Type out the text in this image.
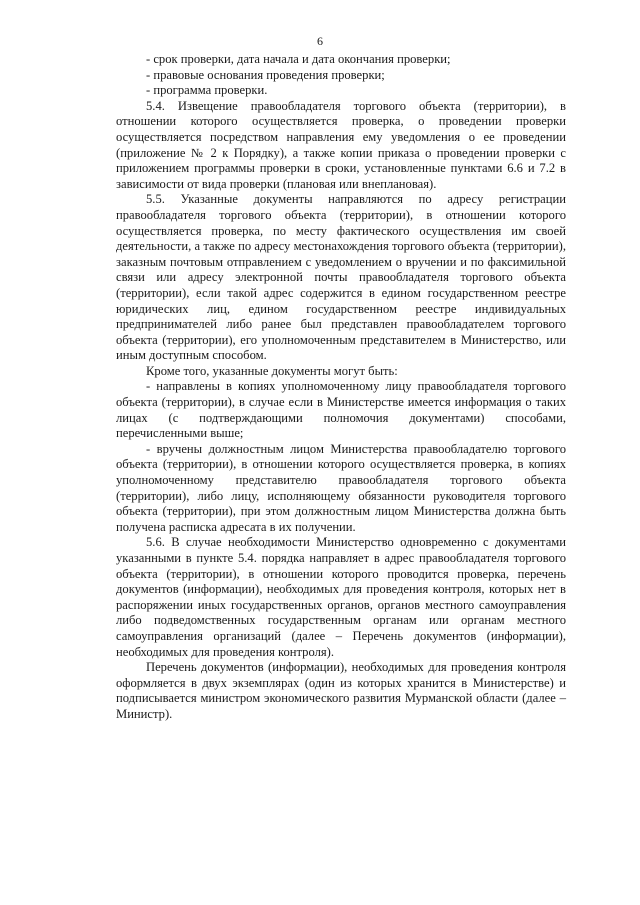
6

- срок проверки, дата начала и дата окончания проверки;

- правовые основания проведения проверки;

- программа проверки.

5.4. Извещение правообладателя торгового объекта (территории), в отношении которого осуществляется проверка, о проведении проверки осуществляется посредством направления ему уведомления о ее проведении (приложение № 2 к Порядку), а также копии приказа о проведении проверки с приложением программы проверки в сроки, установленные пунктами 6.6 и 7.2 в зависимости от вида проверки (плановая или внеплановая).

5.5. Указанные документы направляются по адресу регистрации правообладателя торгового объекта (территории), в отношении которого осуществляется проверка, по месту фактического осуществления им своей деятельности, а также по адресу местонахождения торгового объекта (территории), заказным почтовым отправлением с уведомлением о вручении и по факсимильной связи или адресу электронной почты правообладателя торгового объекта (территории), если такой адрес содержится в едином государственном реестре юридических лиц, едином государственном реестре индивидуальных предпринимателей либо ранее был представлен правообладателем торгового объекта (территории), его уполномоченным представителем в Министерство, или иным доступным способом.

Кроме того, указанные документы могут быть:

- направлены в копиях уполномоченному лицу правообладателя торгового объекта (территории), в случае если в Министерстве имеется информация о таких лицах (с подтверждающими полномочия документами) способами, перечисленными выше;

- вручены должностным лицом Министерства правообладателю торгового объекта (территории), в отношении которого осуществляется проверка, в копиях уполномоченному представителю правообладателя торгового объекта (территории), либо лицу, исполняющему обязанности руководителя торгового объекта (территории), при этом должностным лицом Министерства должна быть получена расписка адресата в их получении.

5.6. В случае необходимости Министерство одновременно с документами указанными в пункте 5.4. порядка направляет в адрес правообладателя торгового объекта (территории), в отношении которого проводится проверка, перечень документов (информации), необходимых для проведения контроля, которых нет в распоряжении иных государственных органов, органов местного самоуправления либо подведомственных государственным органам или органам местного самоуправления организаций (далее – Перечень документов (информации), необходимых для проведения контроля).

Перечень документов (информации), необходимых для проведения контроля оформляется в двух экземплярах (один из которых хранится в Министерстве) и подписывается министром экономического развития Мурманской области (далее – Министр).
